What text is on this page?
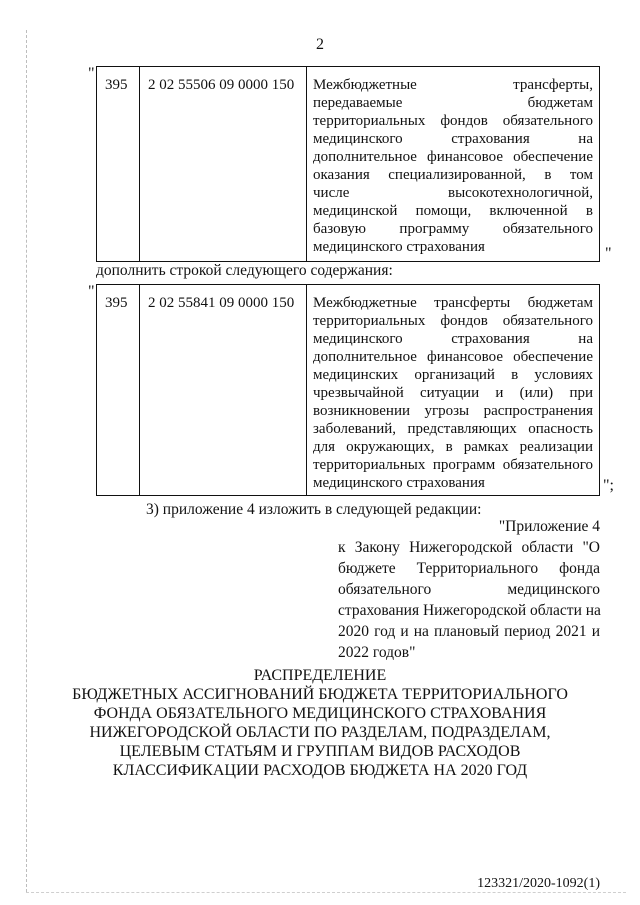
2
"
395	2 02 55506 09 0000 150	Межбюджетные трансферты,
передаваемые бюджетам
территориальных фондов обязательного
медицинского страхования на
дополнительное финансовое обеспечение
оказания специализированной, в том
числе высокотехнологичной,
медицинской помощи, включенной в
базовую программу обязательного
медицинского страхования	"
дополнить строкой следующего содержания:
"
395	2 02 55841 09 0000 150	Межбюджетные трансферты бюджетам
территориальных фондов обязательного
медицинского страхования на
дополнительное финансовое обеспечение
медицинских организаций в условиях
чрезвычайной ситуации и (или) при
возникновении угрозы распространения
заболеваний, представляющих опасность
для окружающих, в рамках реализации
территориальных программ обязательного
медицинского страхования	";
3) приложение 4 изложить в следующей редакции:
"Приложение 4
к Закону Нижегородской области "О
бюджете Территориального фонда
обязательного медицинского
страхования Нижегородской области на
2020 год и на плановый период 2021 и
2022 годов"
РАСПРЕДЕЛЕНИЕ
БЮДЖЕТНЫХ АССИГНОВАНИЙ БЮДЖЕТА ТЕРРИТОРИАЛЬНОГО
ФОНДА ОБЯЗАТЕЛЬНОГО МЕДИЦИНСКОГО СТРАХОВАНИЯ
НИЖЕГОРОДСКОЙ ОБЛАСТИ ПО РАЗДЕЛАМ, ПОДРАЗДЕЛАМ,
ЦЕЛЕВЫМ СТАТЬЯМ И ГРУППАМ ВИДОВ РАСХОДОВ
КЛАССИФИКАЦИИ РАСХОДОВ БЮДЖЕТА НА 2020 ГОД
123321/2020-1092(1)
